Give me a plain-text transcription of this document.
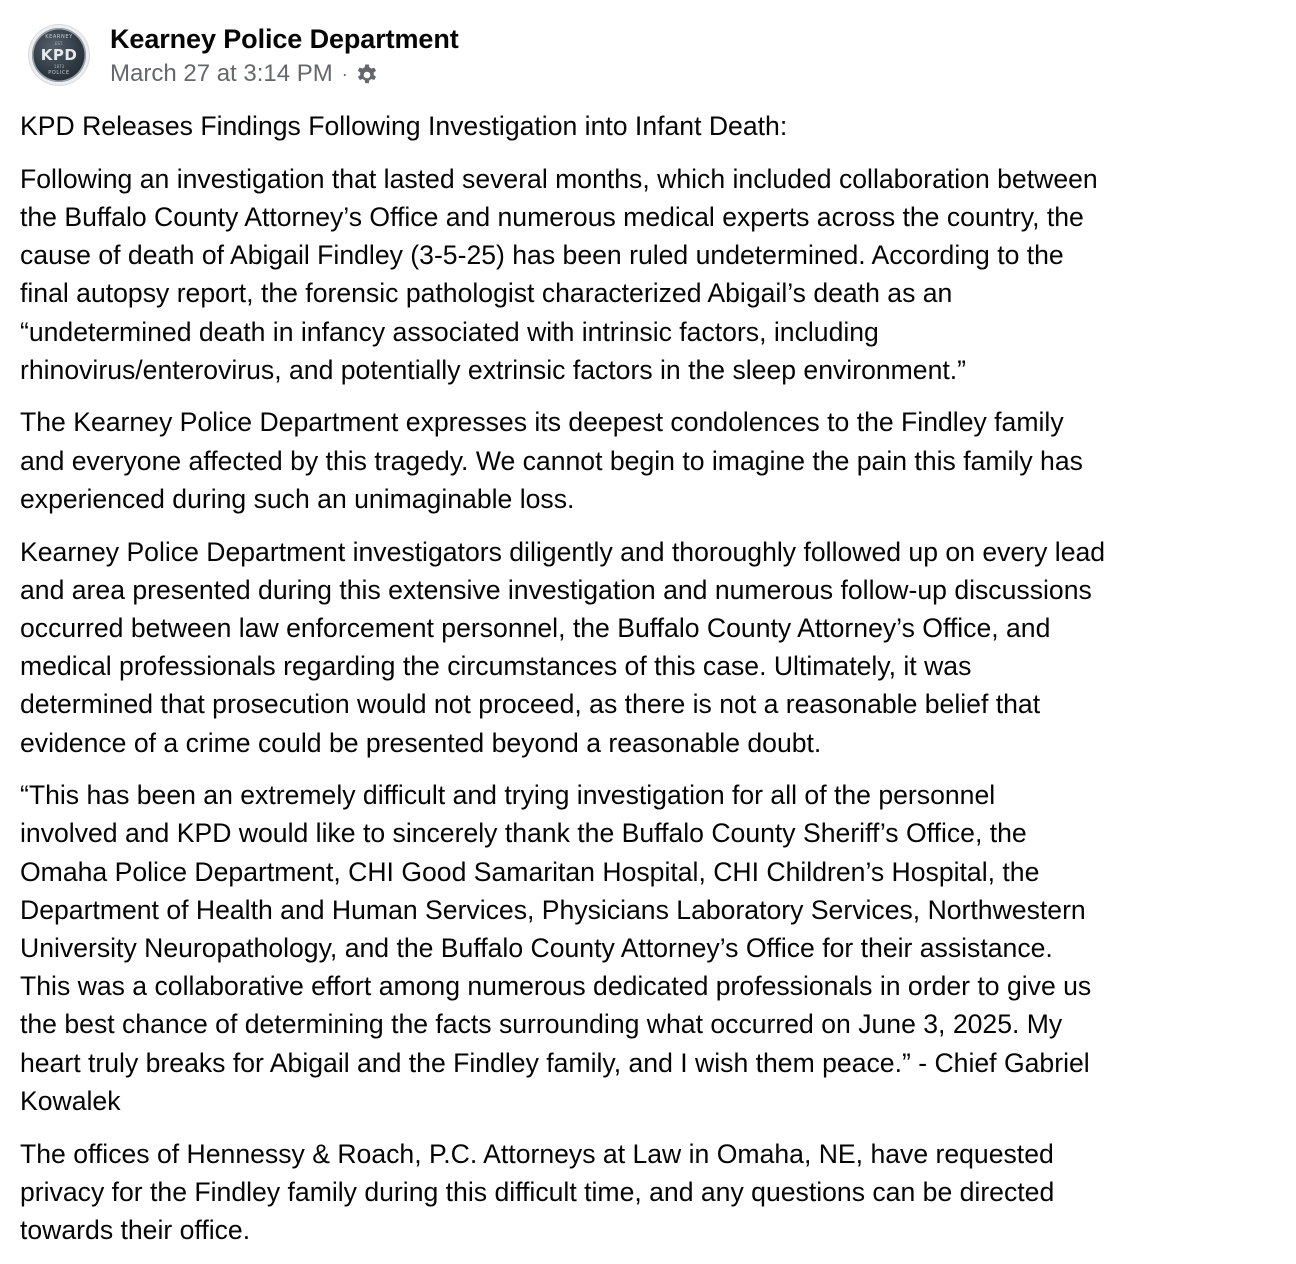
KEARNEY
EST.
KPD
1873
POLICE
Kearney Police Department
March 27 at 3:14 PM ·

KPD Releases Findings Following Investigation into Infant Death:

Following an investigation that lasted several months, which included collaboration between
the Buffalo County Attorney’s Office and numerous medical experts across the country, the
cause of death of Abigail Findley (3-5-25) has been ruled undetermined. According to the
final autopsy report, the forensic pathologist characterized Abigail’s death as an
“undetermined death in infancy associated with intrinsic factors, including
rhinovirus/enterovirus, and potentially extrinsic factors in the sleep environment.”

The Kearney Police Department expresses its deepest condolences to the Findley family
and everyone affected by this tragedy. We cannot begin to imagine the pain this family has
experienced during such an unimaginable loss.

Kearney Police Department investigators diligently and thoroughly followed up on every lead
and area presented during this extensive investigation and numerous follow-up discussions
occurred between law enforcement personnel, the Buffalo County Attorney’s Office, and
medical professionals regarding the circumstances of this case. Ultimately, it was
determined that prosecution would not proceed, as there is not a reasonable belief that
evidence of a crime could be presented beyond a reasonable doubt.

“This has been an extremely difficult and trying investigation for all of the personnel
involved and KPD would like to sincerely thank the Buffalo County Sheriff’s Office, the
Omaha Police Department, CHI Good Samaritan Hospital, CHI Children’s Hospital, the
Department of Health and Human Services, Physicians Laboratory Services, Northwestern
University Neuropathology, and the Buffalo County Attorney’s Office for their assistance.
This was a collaborative effort among numerous dedicated professionals in order to give us
the best chance of determining the facts surrounding what occurred on June 3, 2025. My
heart truly breaks for Abigail and the Findley family, and I wish them peace.” - Chief Gabriel
Kowalek

The offices of Hennessy & Roach, P.C. Attorneys at Law in Omaha, NE, have requested
privacy for the Findley family during this difficult time, and any questions can be directed
towards their office.
